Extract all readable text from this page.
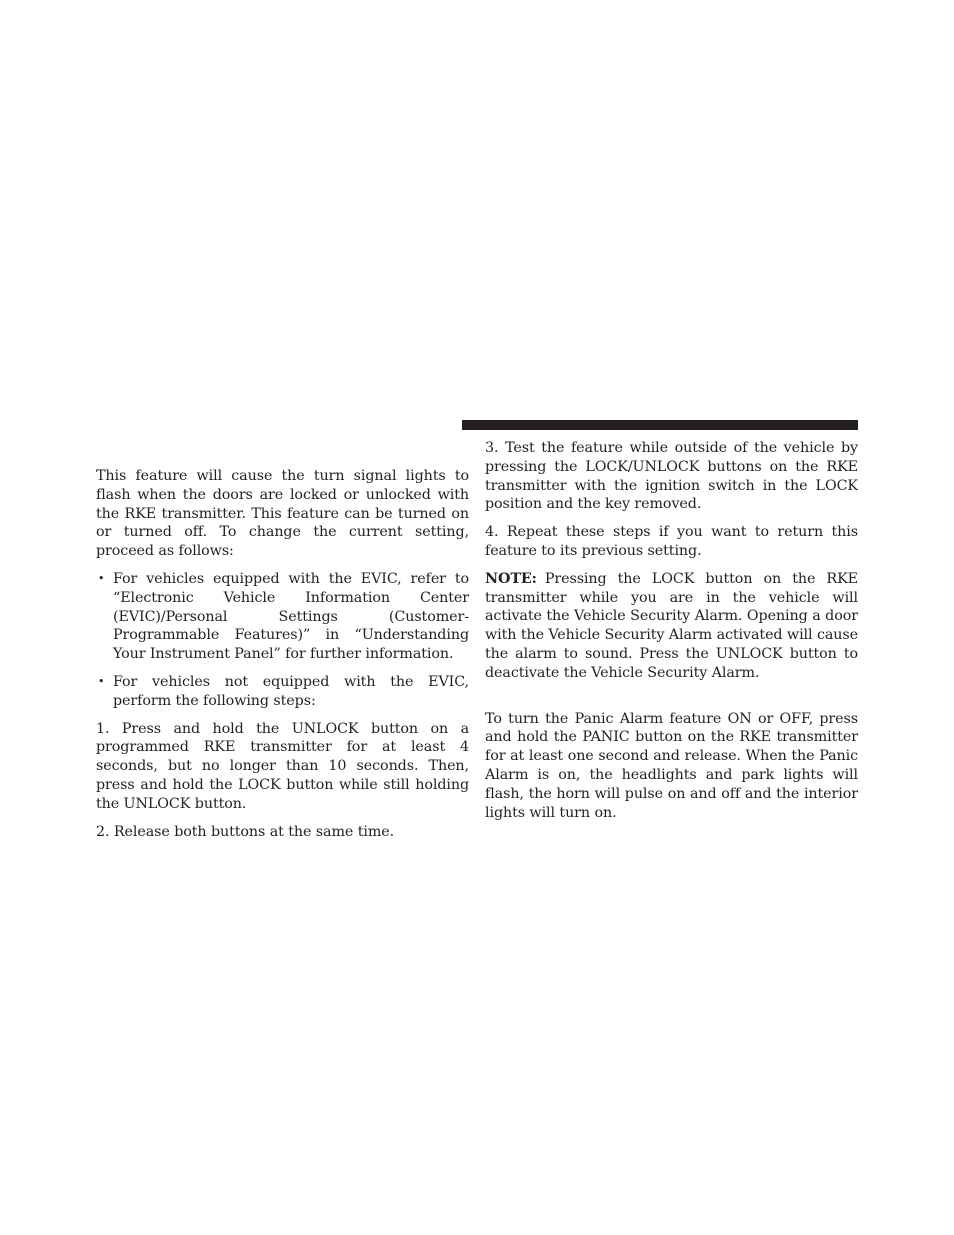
This feature will cause the turn signal lights to flash when the doors are locked or unlocked with the RKE transmitter. This feature can be turned on or turned off. To change the current setting, proceed as follows:

• For vehicles equipped with the EVIC, refer to “Electronic Vehicle Information Center (EVIC)/Personal Settings (Customer-Programmable Features)” in “Understanding Your Instrument Panel” for further information.
• For vehicles not equipped with the EVIC, perform the following steps:

1. Press and hold the UNLOCK button on a programmed RKE transmitter for at least 4 seconds, but no longer than 10 seconds. Then, press and hold the LOCK button while still holding the UNLOCK button.

2. Release both buttons at the same time.

3. Test the feature while outside of the vehicle by pressing the LOCK/UNLOCK buttons on the RKE transmitter with the ignition switch in the LOCK position and the key removed.

4. Repeat these steps if you want to return this feature to its previous setting.

NOTE: Pressing the LOCK button on the RKE transmitter while you are in the vehicle will activate the Vehicle Security Alarm. Opening a door with the Vehicle Security Alarm activated will cause the alarm to sound. Press the UNLOCK button to deactivate the Vehicle Security Alarm.

To turn the Panic Alarm feature ON or OFF, press and hold the PANIC button on the RKE transmitter for at least one second and release. When the Panic Alarm is on, the headlights and park lights will flash, the horn will pulse on and off and the interior lights will turn on.
